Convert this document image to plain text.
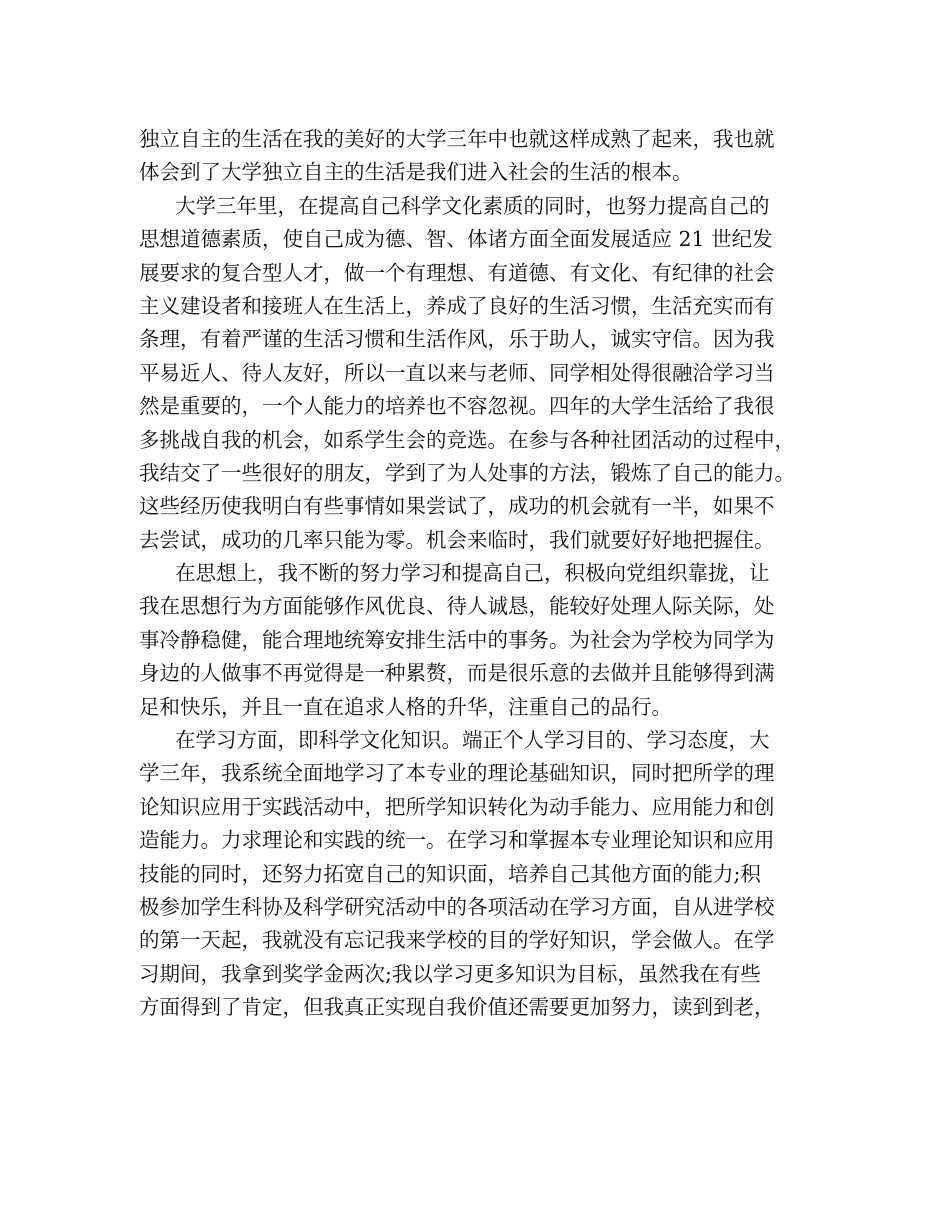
独立自主的生活在我的美好的大学三年中也就这样成熟了起来，我也就
体会到了大学独立自主的生活是我们进入社会的生活的根本。
大学三年里，在提高自己科学文化素质的同时，也努力提高自己的
思想道德素质，使自己成为德、智、体诸方面全面发展适应 21 世纪发
展要求的复合型人才，做一个有理想、有道德、有文化、有纪律的社会
主义建设者和接班人在生活上，养成了良好的生活习惯，生活充实而有
条理，有着严谨的生活习惯和生活作风，乐于助人，诚实守信。因为我
平易近人、待人友好，所以一直以来与老师、同学相处得很融洽学习当
然是重要的，一个人能力的培养也不容忽视。四年的大学生活给了我很
多挑战自我的机会，如系学生会的竞选。在参与各种社团活动的过程中，
我结交了一些很好的朋友，学到了为人处事的方法，锻炼了自己的能力。
这些经历使我明白有些事情如果尝试了，成功的机会就有一半，如果不
去尝试，成功的几率只能为零。机会来临时，我们就要好好地把握住。
在思想上，我不断的努力学习和提高自己，积极向党组织靠拢，让
我在思想行为方面能够作风优良、待人诚恳，能较好处理人际关际，处
事冷静稳健，能合理地统筹安排生活中的事务。为社会为学校为同学为
身边的人做事不再觉得是一种累赘，而是很乐意的去做并且能够得到满
足和快乐，并且一直在追求人格的升华，注重自己的品行。
在学习方面，即科学文化知识。端正个人学习目的、学习态度，大
学三年，我系统全面地学习了本专业的理论基础知识，同时把所学的理
论知识应用于实践活动中，把所学知识转化为动手能力、应用能力和创
造能力。力求理论和实践的统一。在学习和掌握本专业理论知识和应用
技能的同时，还努力拓宽自己的知识面，培养自己其他方面的能力;积
极参加学生科协及科学研究活动中的各项活动在学习方面，自从进学校
的第一天起，我就没有忘记我来学校的目的学好知识，学会做人。在学
习期间，我拿到奖学金两次;我以学习更多知识为目标，虽然我在有些
方面得到了肯定，但我真正实现自我价值还需要更加努力，读到到老，
